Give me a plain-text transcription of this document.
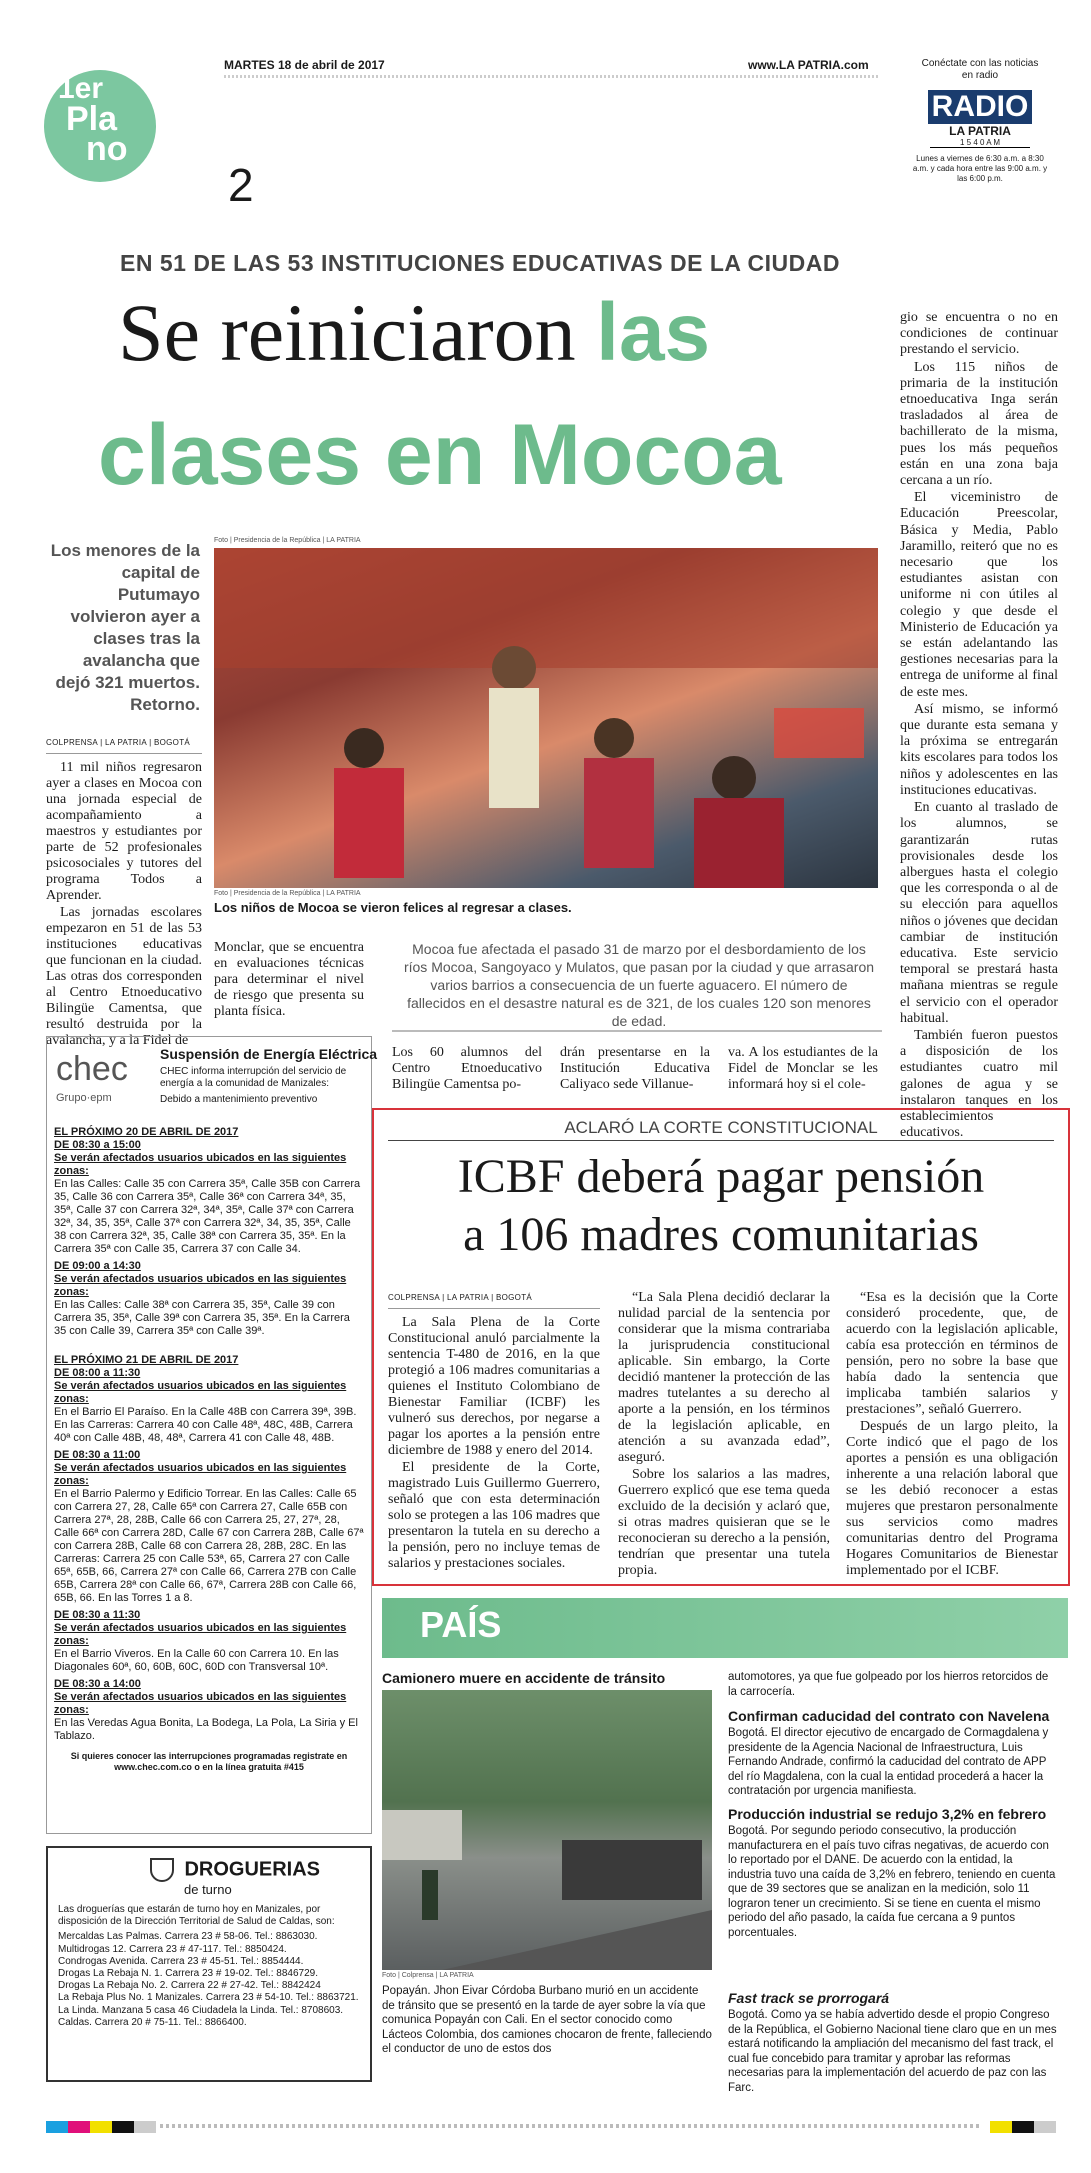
1er
Pla
no
2
MARTES 18 de abril de 2017	www.LA PATRIA.com	Conéctate con las noticias en radio
RADIO
LA PATRIA
1 5 4 0 A M
Lunes a viernes de 6:30 a.m. a 8:30 a.m. y cada hora entre las 9:00 a.m. y las 6:00 p.m.
EN 51 DE LAS 53 INSTITUCIONES EDUCATIVAS DE LA CIUDAD
Se reiniciaron las
clases en Mocoa
Los menores de la capital de Putumayo volvieron ayer a clases tras la avalancha que dejó 321 muertos. Retorno.
Foto | Presidencia de la República | LA PATRIA
Foto | Presidencia de la República | LA PATRIA
Los niños de Mocoa se vieron felices al regresar a clases.
COLPRENSA | LA PATRIA | BOGOTÁ

11 mil niños regresaron ayer a clases en Mocoa con una jornada especial de acompañamiento a maestros y estudiantes por parte de 52 profesionales psicosociales y tutores del programa Todos a Aprender.

Las jornadas escolares empezaron en 51 de las 53 instituciones educativas que funcionan en la ciudad. Las otras dos corresponden al Centro Etnoeducativo Bilingüe Camentsa, que resultó destruida por la avalancha, y a la Fidel de

Monclar, que se encuentra en evaluaciones técnicas para determinar el nivel de riesgo que presenta su planta física.
Mocoa fue afectada el pasado 31 de marzo por el desbordamiento de los ríos Mocoa, Sangoyaco y Mulatos, que pasan por la ciudad y que arrasaron varios barrios a consecuencia de un fuerte aguacero. El número de fallecidos en el desastre natural es de 321, de los cuales 120 son menores de edad.
Los 60 alumnos del Centro Etnoeducativo Bilingüe Camentsa po-
drán presentarse en la Institución Educativa Caliyaco sede Villanue-
va. A los estudiantes de la Fidel de Monclar se les informará hoy si el cole-

gio se encuentra o no en condiciones de continuar prestando el servicio.

Los 115 niños de primaria de la institución etnoeducativa Inga serán trasladados al área de bachillerato de la misma, pues los más pequeños están en una zona baja cercana a un río.

El viceministro de Educación Preescolar, Básica y Media, Pablo Jaramillo, reiteró que no es necesario que los estudiantes asistan con uniforme ni con útiles al colegio y que desde el Ministerio de Educación ya se están adelantando las gestiones necesarias para la entrega de uniforme al final de este mes.

Así mismo, se informó que durante esta semana y la próxima se entregarán kits escolares para todos los niños y adolescentes en las instituciones educativas.

En cuanto al traslado de los alumnos, se garantizarán rutas provisionales desde los albergues hasta el colegio que les corresponda o al de su elección para aquellos niños o jóvenes que decidan cambiar de institución educativa. Este servicio temporal se prestará hasta mañana mientras se regule el servicio con el operador habitual.

También fueron puestos a disposición de los estudiantes cuatro mil galones de agua y se instalaron tanques en los establecimientos educativos.

ACLARÓ LA CORTE CONSTITUCIONAL
ICBF deberá pagar pensión
a 106 madres comunitarias
COLPRENSA | LA PATRIA | BOGOTÁ

La Sala Plena de la Corte Constitucional anuló parcialmente la sentencia T-480 de 2016, en la que protegió a 106 madres comunitarias a quienes el Instituto Colombiano de Bienestar Familiar (ICBF) les vulneró sus derechos, por negarse a pagar los aportes a la pensión entre diciembre de 1988 y enero del 2014.

El presidente de la Corte, magistrado Luis Guillermo Guerrero, señaló que con esta determinación solo se protegen a las 106 madres que presentaron la tutela en su derecho a la pensión, pero no incluye temas de salarios y prestaciones sociales.

“La Sala Plena decidió declarar la nulidad parcial de la sentencia por considerar que la misma contrariaba la jurisprudencia constitucional aplicable. Sin embargo, la Corte decidió mantener la protección de las madres tutelantes a su derecho al aporte a la pensión, en los términos de la legislación aplicable, en atención a su avanzada edad”, aseguró.

Sobre los salarios a las madres, Guerrero explicó que ese tema queda excluido de la decisión y aclaró que, si otras madres quisieran que se le reconocieran su derecho a la pensión, tendrían que presentar una tutela propia.

“Esa es la decisión que la Corte consideró procedente, que, de acuerdo con la legislación aplicable, cabía esa protección en términos de pensión, pero no sobre la base que había dado la sentencia que implicaba también salarios y prestaciones”, señaló Guerrero.

Después de un largo pleito, la Corte indicó que el pago de los aportes a pensión es una obligación inherente a una relación laboral que se les debió reconocer a estas mujeres que prestaron personalmente sus servicios como madres comunitarias dentro del Programa Hogares Comunitarios de Bienestar implementado por el ICBF.

chec
Grupo·epm
Suspensión de Energía Eléctrica
CHEC informa interrupción del servicio de energía a la comunidad de Manizales:
Debido a mantenimiento preventivo
EL PRÓXIMO 20 DE ABRIL DE 2017
DE 08:30 a 15:00
Se verán afectados usuarios ubicados en las siguientes zonas:
En las Calles: Calle 35 con Carrera 35ª, Calle 35B con Carrera 35, Calle 36 con Carrera 35ª, Calle 36ª con Carrera 34ª, 35, 35ª, Calle 37 con Carrera 32ª, 34ª, 35ª, Calle 37ª con Carrera 32ª, 34, 35, 35ª, Calle 37ª con Carrera 32ª, 34, 35, 35ª, Calle 38 con Carrera 32ª, 35, Calle 38ª con Carrera 35, 35ª. En la Carrera 35ª con Calle 35, Carrera 37 con Calle 34.
DE 09:00 a 14:30
Se verán afectados usuarios ubicados en las siguientes zonas:
En las Calles: Calle 38ª con Carrera 35, 35ª, Calle 39 con Carrera 35, 35ª, Calle 39ª con Carrera 35, 35ª. En la Carrera 35 con Calle 39, Carrera 35ª con Calle 39ª.
EL PRÓXIMO 21 DE ABRIL DE 2017
DE 08:00 a 11:30
Se verán afectados usuarios ubicados en las siguientes zonas:
En el Barrio El Paraíso. En la Calle 48B con Carrera 39ª, 39B. En las Carreras: Carrera 40 con Calle 48ª, 48C, 48B, Carrera 40ª con Calle 48B, 48, 48ª, Carrera 41 con Calle 48, 48B.
DE 08:30 a 11:00
Se verán afectados usuarios ubicados en las siguientes zonas:
En el Barrio Palermo y Edificio Torrear. En las Calles: Calle 65 con Carrera 27, 28, Calle 65ª con Carrera 27, Calle 65B con Carrera 27ª, 28, 28B, Calle 66 con Carrera 25, 27, 27ª, 28, Calle 66ª con Carrera 28D, Calle 67 con Carrera 28B, Calle 67ª con Carrera 28B, Calle 68 con Carrera 28, 28B, 28C. En las Carreras: Carrera 25 con Calle 53ª, 65, Carrera 27 con Calle 65ª, 65B, 66, Carrera 27ª con Calle 66, Carrera 27B con Calle 65B, Carrera 28ª con Calle 66, 67ª, Carrera 28B con Calle 66, 65B, 66. En las Torres 1 a 8.
DE 08:30 a 11:30
Se verán afectados usuarios ubicados en las siguientes zonas:
En el Barrio Viveros. En la Calle 60 con Carrera 10. En las Diagonales 60ª, 60, 60B, 60C, 60D con Transversal 10ª.
DE 08:30 a 14:00
Se verán afectados usuarios ubicados en las siguientes zonas:
En las Veredas Agua Bonita, La Bodega, La Pola, La Siria y El Tablazo.
Si quieres conocer las interrupciones programadas registrate en www.chec.com.co o en la línea gratuita #415
DROGUERIAS
de turno
Las droguerías que estarán de turno hoy en Manizales, por disposición de la Dirección Territorial de Salud de Caldas, son:
Mercaldas Las Palmas. Carrera 23 # 58-06. Tel.: 8863030.
Multidrogas 12. Carrera 23 # 47-117. Tel.: 8850424.
Condrogas Avenida. Carrera 23 # 45-51. Tel.: 8854444.
Drogas La Rebaja N. 1. Carrera 23 # 19-02. Tel.: 8846729.
Drogas La Rebaja No. 2. Carrera 22 # 27-42. Tel.: 8842424
La Rebaja Plus No. 1 Manizales. Carrera 23 # 54-10. Tel.: 8863721.
La Linda. Manzana 5 casa 46 Ciudadela la Linda. Tel.: 8708603.
Caldas. Carrera 20 # 75-11. Tel.: 8866400.
PAÍS
Camionero muere en accidente de tránsito
Foto | Colprensa | LA PATRIA
Popayán. Jhon Eivar Córdoba Burbano murió en un accidente de tránsito que se presentó en la tarde de ayer sobre la vía que comunica Popayán con Cali. En el sector conocido como Lácteos Colombia, dos camiones chocaron de frente, falleciendo el conductor de uno de estos dos
automotores, ya que fue golpeado por los hierros retorcidos de la carrocería.
Confirman caducidad del contrato con Navelena
Bogotá. El director ejecutivo de encargado de Cormagdalena y presidente de la Agencia Nacional de Infraestructura, Luis Fernando Andrade, confirmó la caducidad del contrato de APP del río Magdalena, con la cual la entidad procederá a hacer la contratación por urgencia manifiesta.
Producción industrial se redujo 3,2% en febrero
Bogotá. Por segundo periodo consecutivo, la producción manufacturera en el país tuvo cifras negativas, de acuerdo con lo reportado por el DANE. De acuerdo con la entidad, la industria tuvo una caída de 3,2% en febrero, teniendo en cuenta que de 39 sectores que se analizan en la medición, solo 11 lograron tener un crecimiento. Si se tiene en cuenta el mismo periodo del año pasado, la caída fue cercana a 9 puntos porcentuales.
Fast track se prorrogará
Bogotá. Como ya se había advertido desde el propio Congreso de la República, el Gobierno Nacional tiene claro que en un mes estará notificando la ampliación del mecanismo del fast track, el cual fue concebido para tramitar y aprobar las reformas necesarias para la implementación del acuerdo de paz con las Farc.
